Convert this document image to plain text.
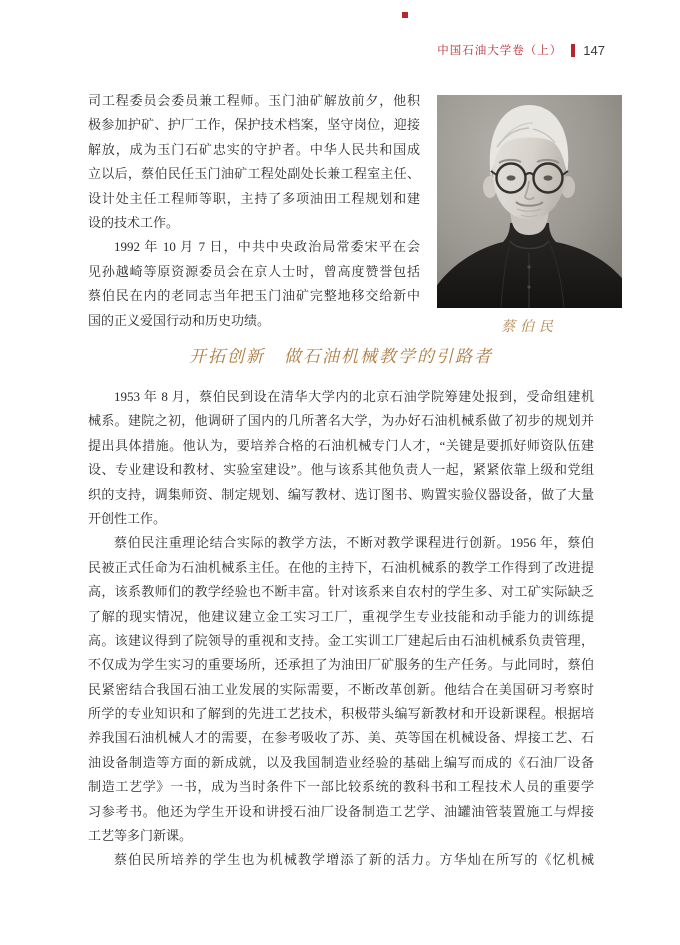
中国石油大学卷（上） 147
司工程委员会委员兼工程师。玉门油矿解放前夕，他积
极参加护矿、护厂工作，保护技术档案，坚守岗位，迎接
解放，成为玉门石矿忠实的守护者。中华人民共和国成
立以后，蔡伯民任玉门油矿工程处副处长兼工程室主任、
设计处主任工程师等职，主持了多项油田工程规划和建
设的技术工作。
1992 年 10 月 7 日，中共中央政治局常委宋平在会
见孙越崎等原资源委员会在京人士时，曾高度赞誉包括
蔡伯民在内的老同志当年把玉门油矿完整地移交给新中
国的正义爱国行动和历史功绩。	蔡伯民
开拓创新　做石油机械教学的引路者
1953 年 8 月，蔡伯民到设在清华大学内的北京石油学院筹建处报到，受命组建机
械系。建院之初，他调研了国内的几所著名大学，为办好石油机械系做了初步的规划并
提出具体措施。他认为，要培养合格的石油机械专门人才，“关键是要抓好师资队伍建
设、专业建设和教材、实验室建设”。他与该系其他负责人一起，紧紧依靠上级和党组
织的支持，调集师资、制定规划、编写教材、选订图书、购置实验仪器设备，做了大量
开创性工作。
蔡伯民注重理论结合实际的教学方法，不断对教学课程进行创新。1956 年，蔡伯
民被正式任命为石油机械系主任。在他的主持下，石油机械系的教学工作得到了改进提
高，该系教师们的教学经验也不断丰富。针对该系来自农村的学生多、对工矿实际缺乏
了解的现实情况，他建议建立金工实习工厂，重视学生专业技能和动手能力的训练提
高。该建议得到了院领导的重视和支持。金工实训工厂建起后由石油机械系负责管理，
不仅成为学生实习的重要场所，还承担了为油田厂矿服务的生产任务。与此同时，蔡伯
民紧密结合我国石油工业发展的实际需要，不断改革创新。他结合在美国研习考察时
所学的专业知识和了解到的先进工艺技术，积极带头编写新教材和开设新课程。根据培
养我国石油机械人才的需要，在参考吸收了苏、美、英等国在机械设备、焊接工艺、石
油设备制造等方面的新成就，以及我国制造业经验的基础上编写而成的《石油厂设备
制造工艺学》一书，成为当时条件下一部比较系统的教科书和工程技术人员的重要学
习参考书。他还为学生开设和讲授石油厂设备制造工艺学、油罐油管装置施工与焊接
工艺等多门新课。
蔡伯民所培养的学生也为机械教学增添了新的活力。方华灿在所写的《忆机械
